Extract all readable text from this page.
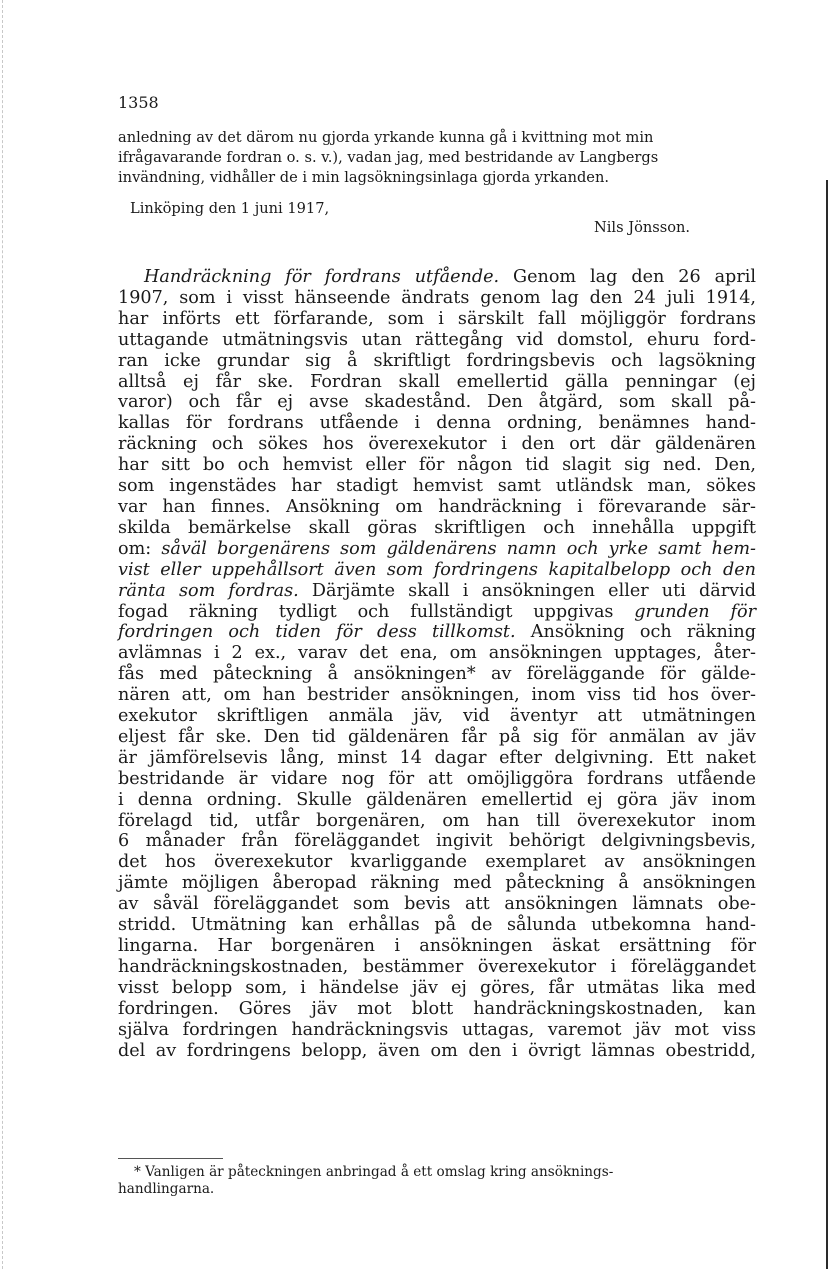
1358

anledning av det därom nu gjorda yrkande kunna gå i kvittning mot min
ifrågavarande fordran o. s. v.), vadan jag, med bestridande av Langbergs
invändning, vidhåller de i min lagsökningsinlaga gjorda yrkanden.

Linköping den 1 juni 1917,
Nils Jönsson.

Handräckning för fordrans utfående. Genom lag den 26 april
1907, som i visst hänseende ändrats genom lag den 24 juli 1914,
har införts ett förfarande, som i särskilt fall möjliggör fordrans
uttagande utmätningsvis utan rättegång vid domstol, ehuru ford-
ran icke grundar sig å skriftligt fordringsbevis och lagsökning
alltså ej får ske. Fordran skall emellertid gälla penningar (ej
varor) och får ej avse skadestånd. Den åtgärd, som skall på-
kallas för fordrans utfående i denna ordning, benämnes hand-
räckning och sökes hos överexekutor i den ort där gäldenären
har sitt bo och hemvist eller för någon tid slagit sig ned. Den,
som ingenstädes har stadigt hemvist samt utländsk man, sökes
var han finnes. Ansökning om handräckning i förevarande sär-
skilda bemärkelse skall göras skriftligen och innehålla uppgift
om: såväl borgenärens som gäldenärens namn och yrke samt hem-
vist eller uppehållsort även som fordringens kapitalbelopp och den
ränta som fordras. Därjämte skall i ansökningen eller uti därvid
fogad räkning tydligt och fullständigt uppgivas grunden för
fordringen och tiden för dess tillkomst. Ansökning och räkning
avlämnas i 2 ex., varav det ena, om ansökningen upptages, åter-
fås med påteckning å ansökningen* av föreläggande för gälde-
nären att, om han bestrider ansökningen, inom viss tid hos över-
exekutor skriftligen anmäla jäv, vid äventyr att utmätningen
eljest får ske. Den tid gäldenären får på sig för anmälan av jäv
är jämförelsevis lång, minst 14 dagar efter delgivning. Ett naket
bestridande är vidare nog för att omöjliggöra fordrans utfående
i denna ordning. Skulle gäldenären emellertid ej göra jäv inom
förelagd tid, utfår borgenären, om han till överexekutor inom
6 månader från föreläggandet ingivit behörigt delgivningsbevis,
det hos överexekutor kvarliggande exemplaret av ansökningen
jämte möjligen åberopad räkning med påteckning å ansökningen
av såväl föreläggandet som bevis att ansökningen lämnats obe-
stridd. Utmätning kan erhållas på de sålunda utbekomna hand-
lingarna. Har borgenären i ansökningen äskat ersättning för
handräckningskostnaden, bestämmer överexekutor i föreläggandet
visst belopp som, i händelse jäv ej göres, får utmätas lika med
fordringen. Göres jäv mot blott handräckningskostnaden, kan
själva fordringen handräckningsvis uttagas, varemot jäv mot viss
del av fordringens belopp, även om den i övrigt lämnas obestridd,

* Vanligen är påteckningen anbringad å ett omslag kring ansöknings-
handlingarna.
